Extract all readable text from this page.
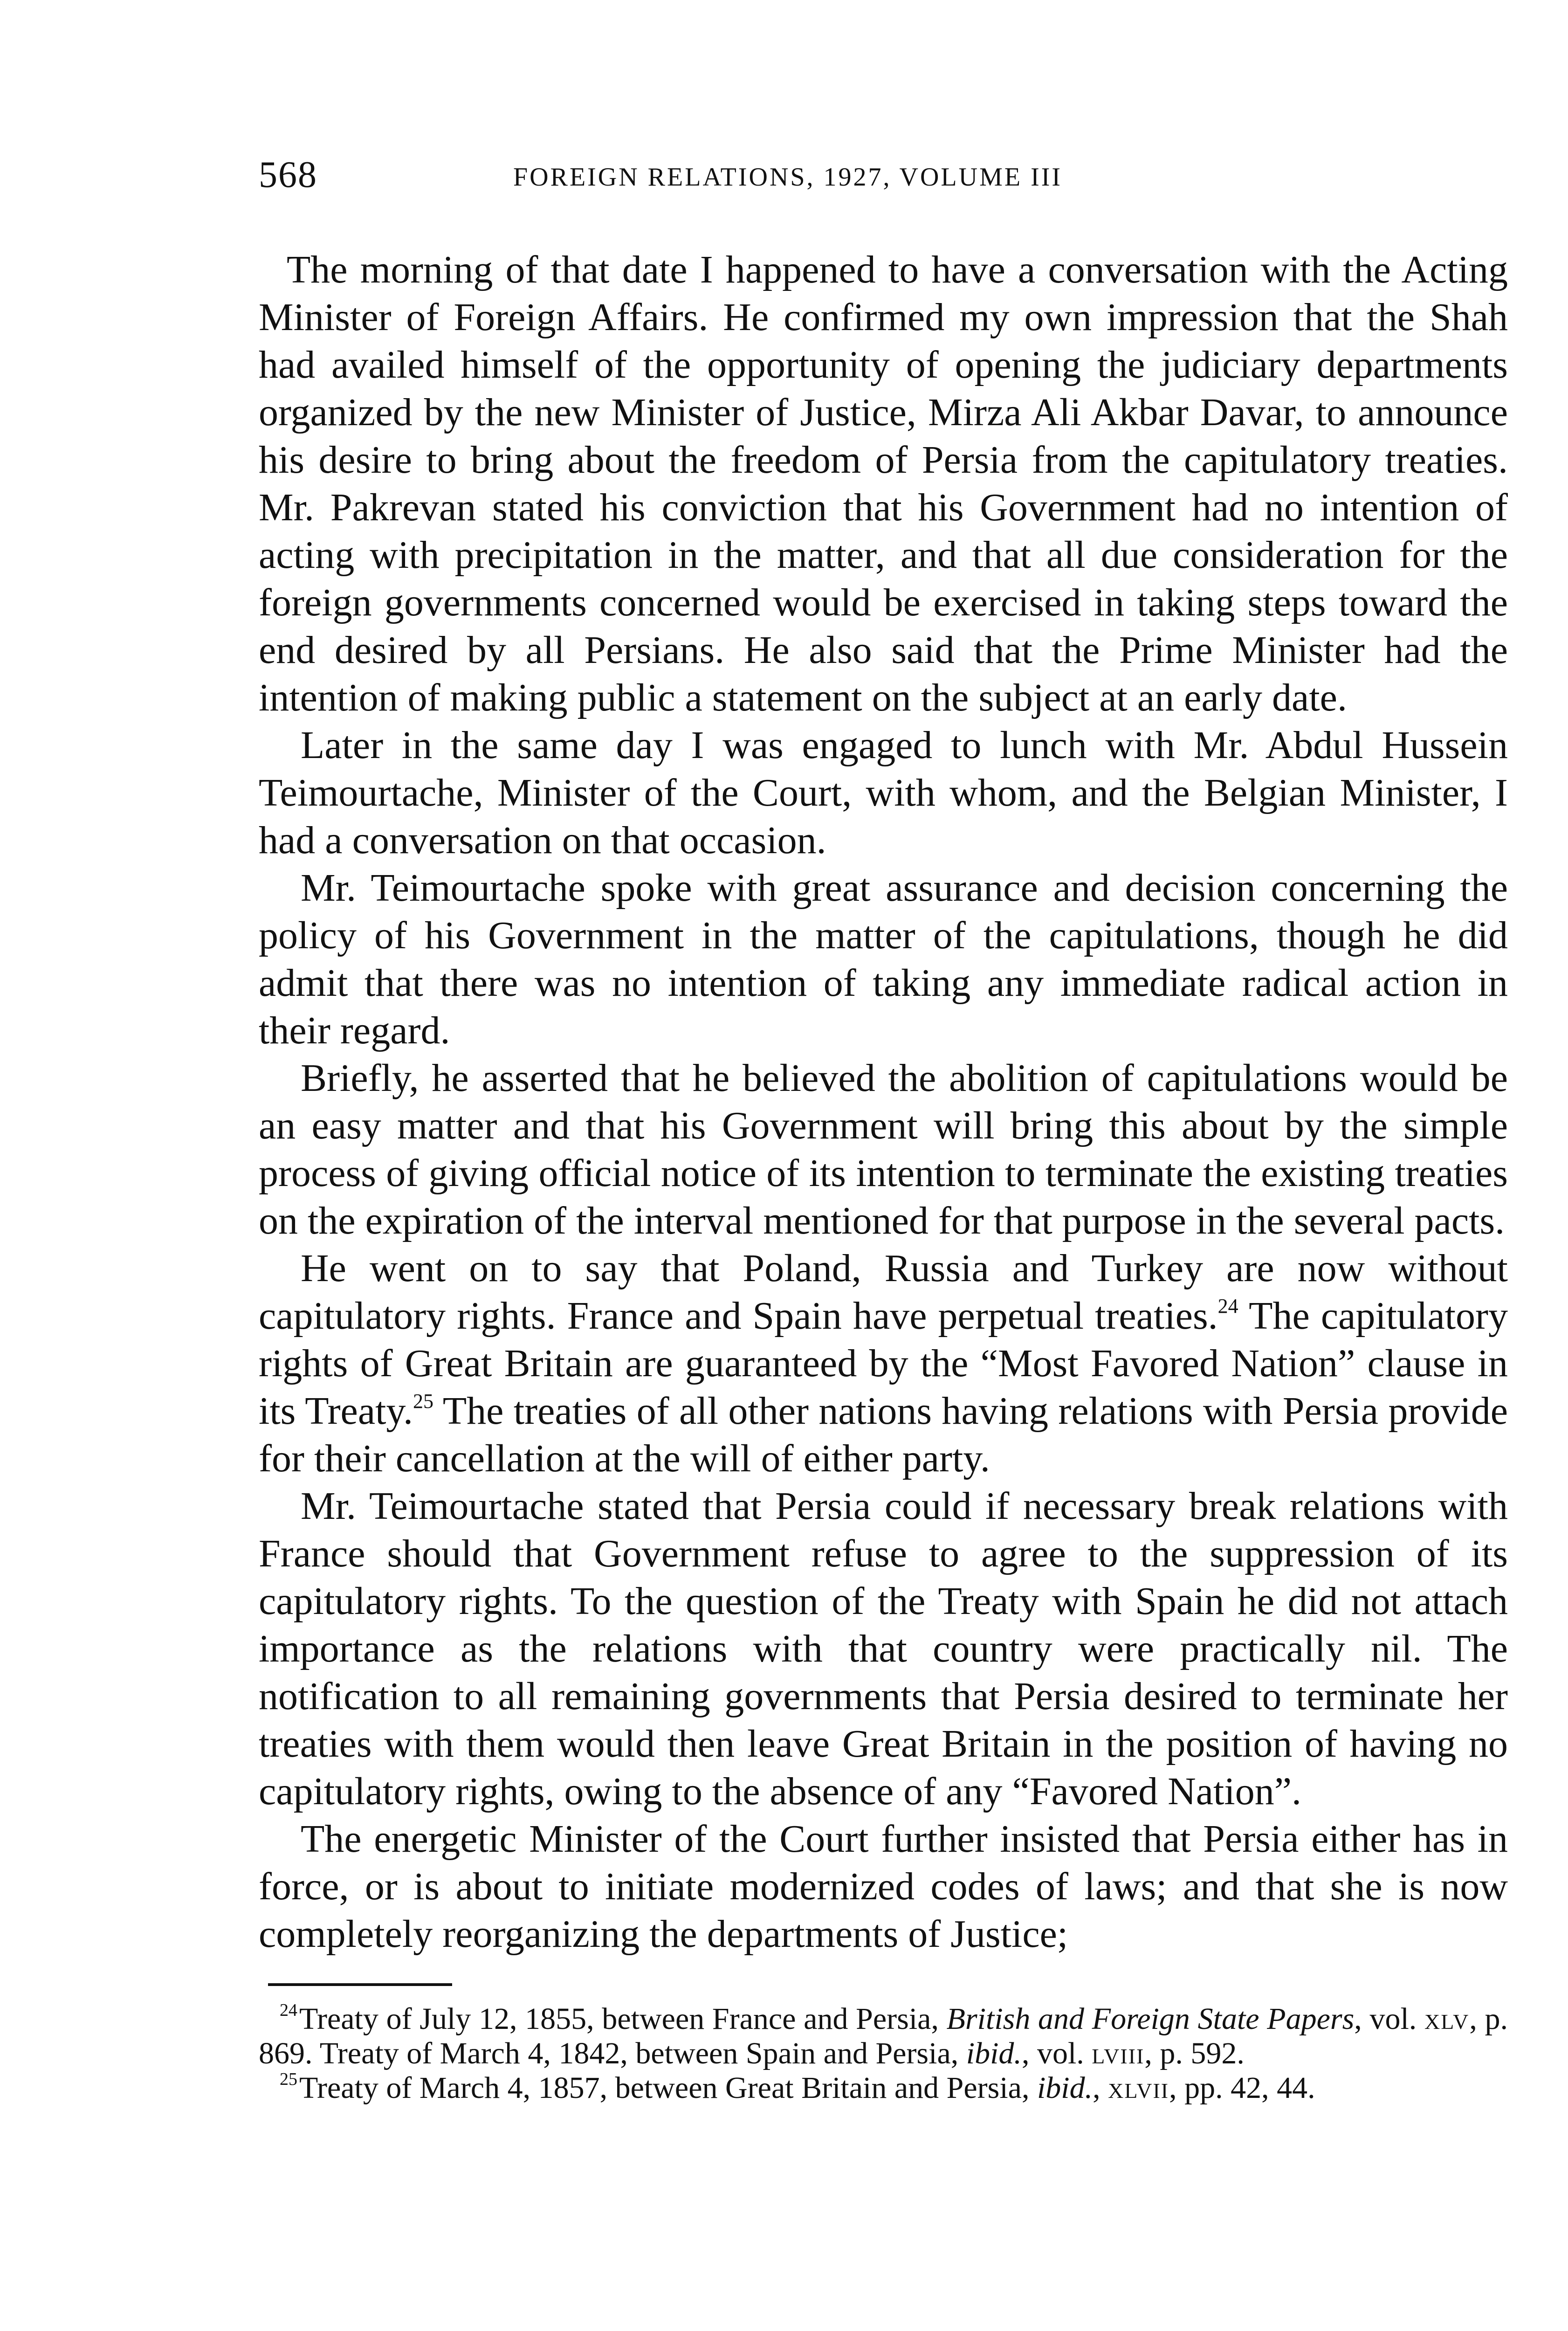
568	FOREIGN RELATIONS, 1927, VOLUME III

The morning of that date I happened to have a conversation with the Acting Minister of Foreign Affairs. He confirmed my own impression that the Shah had availed himself of the opportunity of opening the judiciary departments organized by the new Minister of Justice, Mirza Ali Akbar Davar, to announce his desire to bring about the freedom of Persia from the capitulatory treaties. Mr. Pakrevan stated his conviction that his Government had no intention of acting with precipitation in the matter, and that all due consideration for the foreign governments concerned would be exercised in taking steps toward the end desired by all Persians. He also said that the Prime Minister had the intention of making public a statement on the subject at an early date.

Later in the same day I was engaged to lunch with Mr. Abdul Hussein Teimourtache, Minister of the Court, with whom, and the Belgian Minister, I had a conversation on that occasion.

Mr. Teimourtache spoke with great assurance and decision concerning the policy of his Government in the matter of the capitulations, though he did admit that there was no intention of taking any immediate radical action in their regard.

Briefly, he asserted that he believed the abolition of capitulations would be an easy matter and that his Government will bring this about by the simple process of giving official notice of its intention to terminate the existing treaties on the expiration of the interval mentioned for that purpose in the several pacts.

He went on to say that Poland, Russia and Turkey are now without capitulatory rights. France and Spain have perpetual treaties.$^{24}$ The capitulatory rights of Great Britain are guaranteed by the “Most Favored Nation” clause in its Treaty.$^{25}$ The treaties of all other nations having relations with Persia provide for their cancellation at the will of either party.

Mr. Teimourtache stated that Persia could if necessary break relations with France should that Government refuse to agree to the suppression of its capitulatory rights. To the question of the Treaty with Spain he did not attach importance as the relations with that country were practically nil. The notification to all remaining governments that Persia desired to terminate her treaties with them would then leave Great Britain in the position of having no capitulatory rights, owing to the absence of any “Favored Nation”.

The energetic Minister of the Court further insisted that Persia either has in force, or is about to initiate modernized codes of laws; and that she is now completely reorganizing the departments of Justice;

$^{24}$Treaty of July 12, 1855, between France and Persia, British and Foreign State Papers, vol. xlv, p. 869. Treaty of March 4, 1842, between Spain and Persia, ibid., vol. lviii, p. 592.

$^{25}$Treaty of March 4, 1857, between Great Britain and Persia, ibid., xlvii, pp. 42, 44.
